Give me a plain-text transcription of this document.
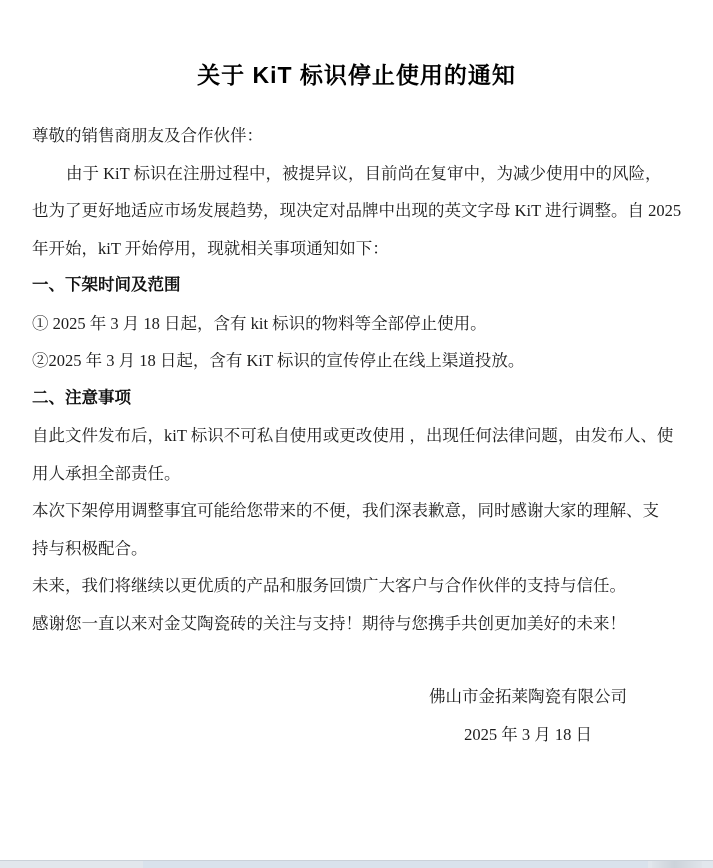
关于 KiT 标识停止使用的通知

尊敬的销售商朋友及合作伙伴：

由于 KiT 标识在注册过程中，被提异议，目前尚在复审中，为减少使用中的风险，

也为了更好地适应市场发展趋势，现决定对品牌中出现的英文字母 KiT 进行调整。自 2025

年开始，kiT 开始停用，现就相关事项通知如下：

一、下架时间及范围

① 2025 年 3 月 18 日起，含有 kit 标识的物料等全部停止使用。

②2025 年 3 月 18 日起，含有 KiT 标识的宣传停止在线上渠道投放。

二、注意事项

自此文件发布后，kiT 标识不可私自使用或更改使用 ，出现任何法律问题，由发布人、使

用人承担全部责任。

本次下架停用调整事宜可能给您带来的不便，我们深表歉意，同时感谢大家的理解、支

持与积极配合。

未来，我们将继续以更优质的产品和服务回馈广大客户与合作伙伴的支持与信任。

感谢您一直以来对金艾陶瓷砖的关注与支持！期待与您携手共创更加美好的未来！

佛山市金拓莱陶瓷有限公司

2025 年 3 月 18 日
